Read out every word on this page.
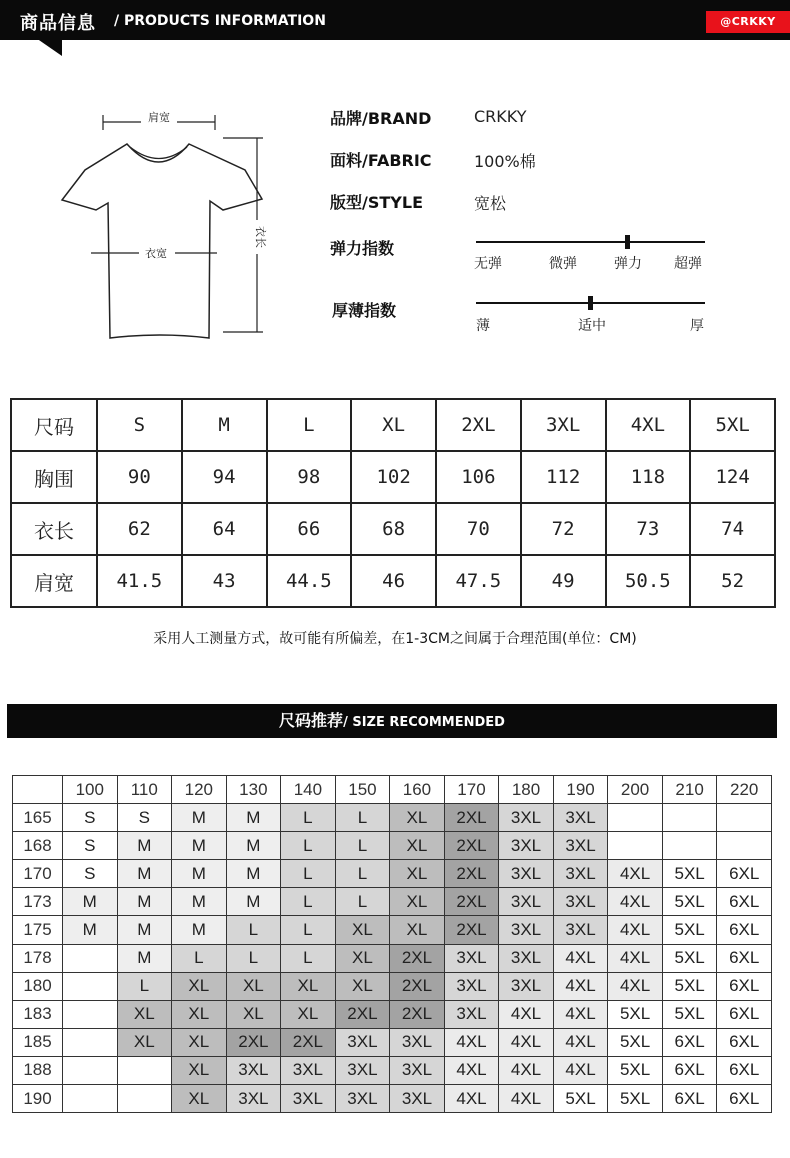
商品信息 / PRODUCTS INFORMATION	@CRKKY
肩宽
衣宽
衣长
品牌/BRAND	CRKKY
面料/FABRIC	100%棉
版型/STYLE	宽松
弹力指数
无弹	微弹	弹力 超弹
厚薄指数
薄	适中	厚
尺码	S	M	L	XL	2XL	3XL	4XL	5XL
胸围	90	94	98	102	106	112	118	124
衣长	62	64	66	68	70	72	73	74
肩宽	41.5	43	44.5	46	47.5	49	50.5	52
采用人工测量方式，故可能有所偏差，在1-3CM之间属于合理范围(单位：CM)
尺码推荐/ SIZE RECOMMENDED
	100	110	120	130	140	150	160	170	180	190	200	210	220
165	S	S	M	M	L	L	XL	2XL	3XL	3XL			
168	S	M	M	M	L	L	XL	2XL	3XL	3XL			
170	S	M	M	M	L	L	XL	2XL	3XL	3XL	4XL	5XL	6XL
173	M	M	M	M	L	L	XL	2XL	3XL	3XL	4XL	5XL	6XL
175	M	M	M	L	L	XL	XL	2XL	3XL	3XL	4XL	5XL	6XL
178		M	L	L	L	XL	2XL	3XL	3XL	4XL	4XL	5XL	6XL
180		L	XL	XL	XL	XL	2XL	3XL	3XL	4XL	4XL	5XL	6XL
183		XL	XL	XL	XL	2XL	2XL	3XL	4XL	4XL	5XL	5XL	6XL
185		XL	XL	2XL	2XL	3XL	3XL	4XL	4XL	4XL	5XL	6XL	6XL
188			XL	3XL	3XL	3XL	3XL	4XL	4XL	4XL	5XL	6XL	6XL
190			XL	3XL	3XL	3XL	3XL	4XL	4XL	5XL	5XL	6XL	6XL
